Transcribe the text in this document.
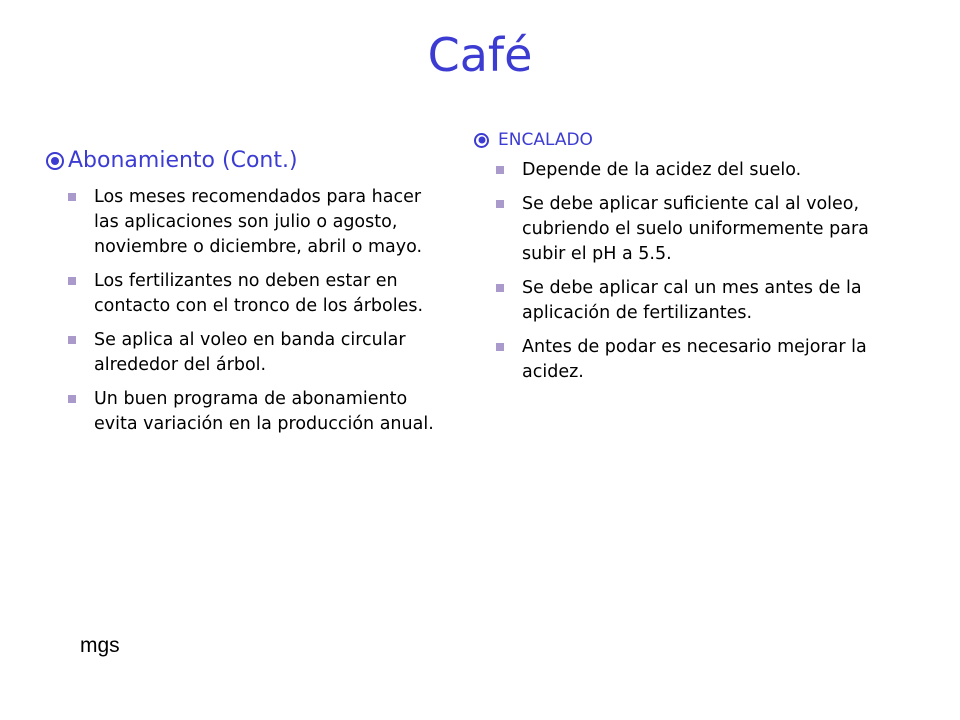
Café
Abonamiento (Cont.)
Los meses recomendados para hacer las aplicaciones son julio o agosto, noviembre o diciembre, abril o mayo.
Los fertilizantes no deben estar en contacto con el tronco de los árboles.
Se aplica al voleo en banda circular alrededor del árbol.
Un buen programa de abonamiento evita variación en la producción anual.
ENCALADO
Depende de la acidez del suelo.
Se debe aplicar suficiente cal al voleo, cubriendo el suelo uniformemente para subir el pH a 5.5.
Se debe aplicar cal un mes antes de la aplicación de fertilizantes.
Antes de podar es necesario mejorar la acidez.
mgs
